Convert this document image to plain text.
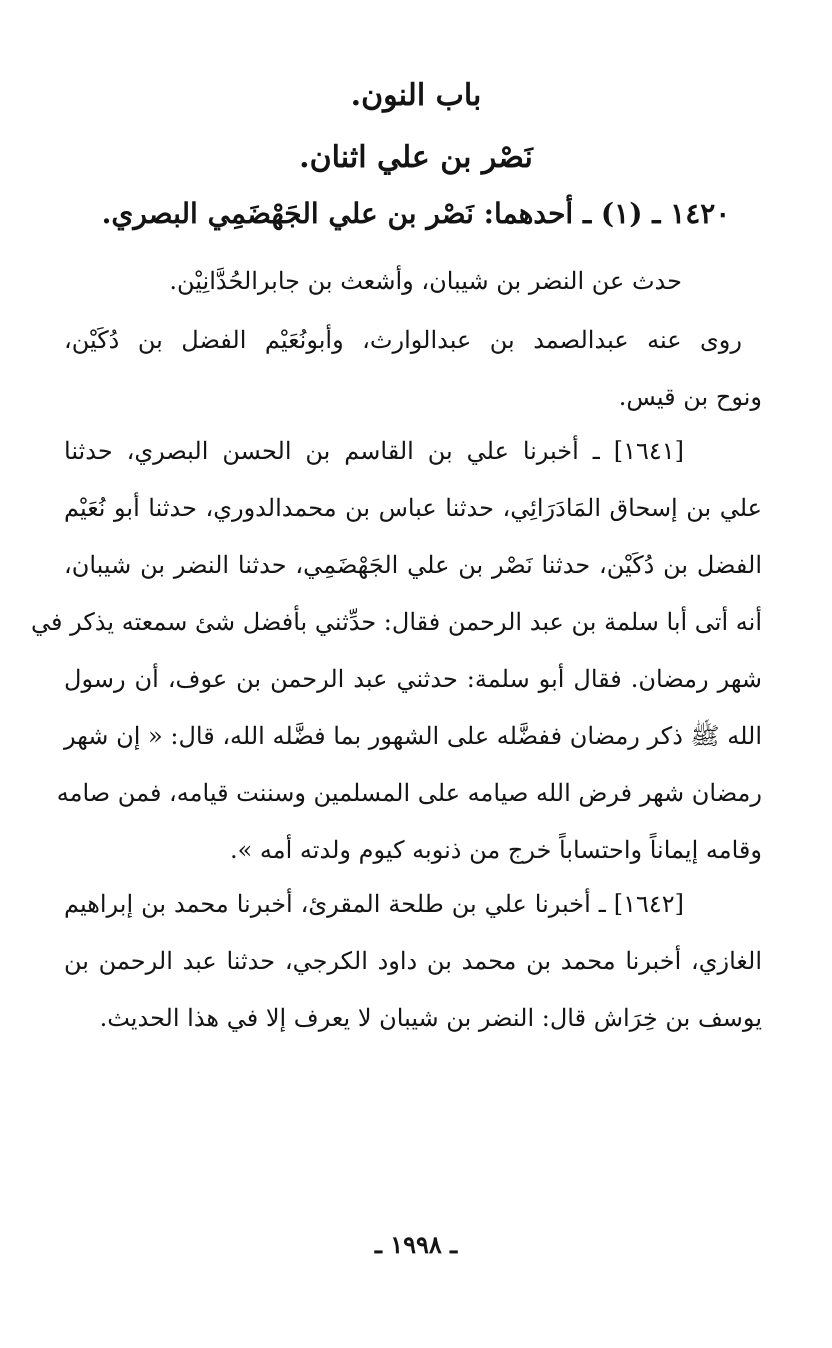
باب النون.
نَصْر بن علي اثنان.
١٤٢٠ ـ (١) ـ أحدهما: نَصْر بن علي الجَهْضَمِي البصري.
حدث عن النضر بن شيبان، وأشعث بن جابرالحُدَّانِيْن.
روى عنه عبدالصمد بن عبدالوارث، وأبونُعَيْم الفضل بن دُكَيْن،
ونوح بن قيس.
[١٦٤١] ـ أخبرنا علي بن القاسم بن الحسن البصري، حدثنا
علي بن إسحاق المَادَرَائِي، حدثنا عباس بن محمدالدوري، حدثنا أبو نُعَيْم
الفضل بن دُكَيْن، حدثنا نَصْر بن علي الجَهْضَمِي، حدثنا النضر بن شيبان،
أنه أتى أبا سلمة بن عبد الرحمن فقال: حدِّثني بأفضل شئ سمعته يذكر في
شهر رمضان. فقال أبو سلمة: حدثني عبد الرحمن بن عوف، أن رسول
الله ﷺ ذكر رمضان ففضَّله على الشهور بما فضَّله الله، قال: « إن شهر
رمضان شهر فرض الله صيامه على المسلمين وسننت قيامه، فمن صامه
وقامه إيماناً واحتساباً خرج من ذنوبه كيوم ولدته أمه ».
[١٦٤٢] ـ أخبرنا علي بن طلحة المقرئ، أخبرنا محمد بن إبراهيم
الغازي، أخبرنا محمد بن محمد بن داود الكرجي، حدثنا عبد الرحمن بن
يوسف بن خِرَاش قال: النضر بن شيبان لا يعرف إلا في هذا الحديث.
ـ ١٩٩٨ ـ
